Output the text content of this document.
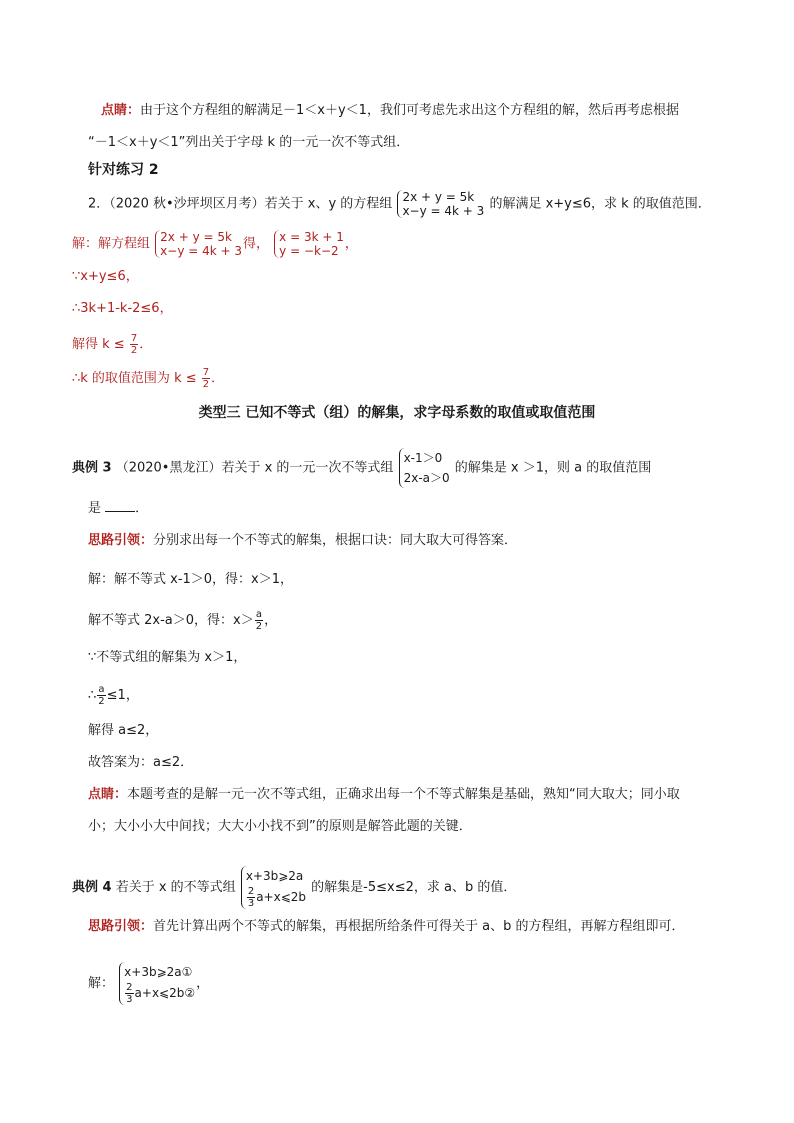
点睛：由于这个方程组的解满足－1＜x＋y＜1，我们可考虑先求出这个方程组的解，然后再考虑根据
“－1＜x＋y＜1”列出关于字母 k 的一元一次不等式组．
针对练习 2
2．（2020 秋•沙坪坝区月考）若关于 x、y 的方程组 2x + y = 5k
x−y = 4k + 3 的解满足 x+y≤6，求 k 的取值范围．
解：解方程组 2x + y = 5k
x−y = 4k + 3 得， x = 3k + 1
y = −k−2 ，
∵x+y≤6，
∴3k+1-k-2≤6，
解得 $k \le \frac{7}{2}$ ．
∴k 的取值范围为 $k \le \frac{7}{2}$ ．
类型三 已知不等式（组）的解集，求字母系数的取值或取值范围
典例 3 （2020•黑龙江）若关于 x 的一元一次不等式组
x-1＞0
2x-a＞0
的解集是 x ＞1，则 a 的取值范围
是	．
思路引领：分别求出每一个不等式的解集，根据口诀：同大取大可得答案．
解：解不等式 x-1＞0，得：x＞1，
解不等式 2x-a＞0，得：$x> \frac{a}{2}$ ，
∵不等式组的解集为 x＞1，
∴ $\frac{a}{2} \le 1$，
解得 a≤2，
故答案为：a≤2．
点睛：本题考查的是解一元一次不等式组，正确求出每一个不等式解集是基础，熟知“同大取大；同小取
小；大小小大中间找；大大小小找不到”的原则是解答此题的关键．
典例 4 若关于 x 的不等式组
x+3b⩾2a
$\frac{2}{3}$ a+x⩽2b
的解集是-5≤x≤2，求 a、b 的值．
思路引领：首先计算出两个不等式的解集，再根据所给条件可得关于 a、b 的方程组，再解方程组即可．
解：
x+3b⩾2a①
$\frac{2}{3}$ a+x⩽2b②
，
